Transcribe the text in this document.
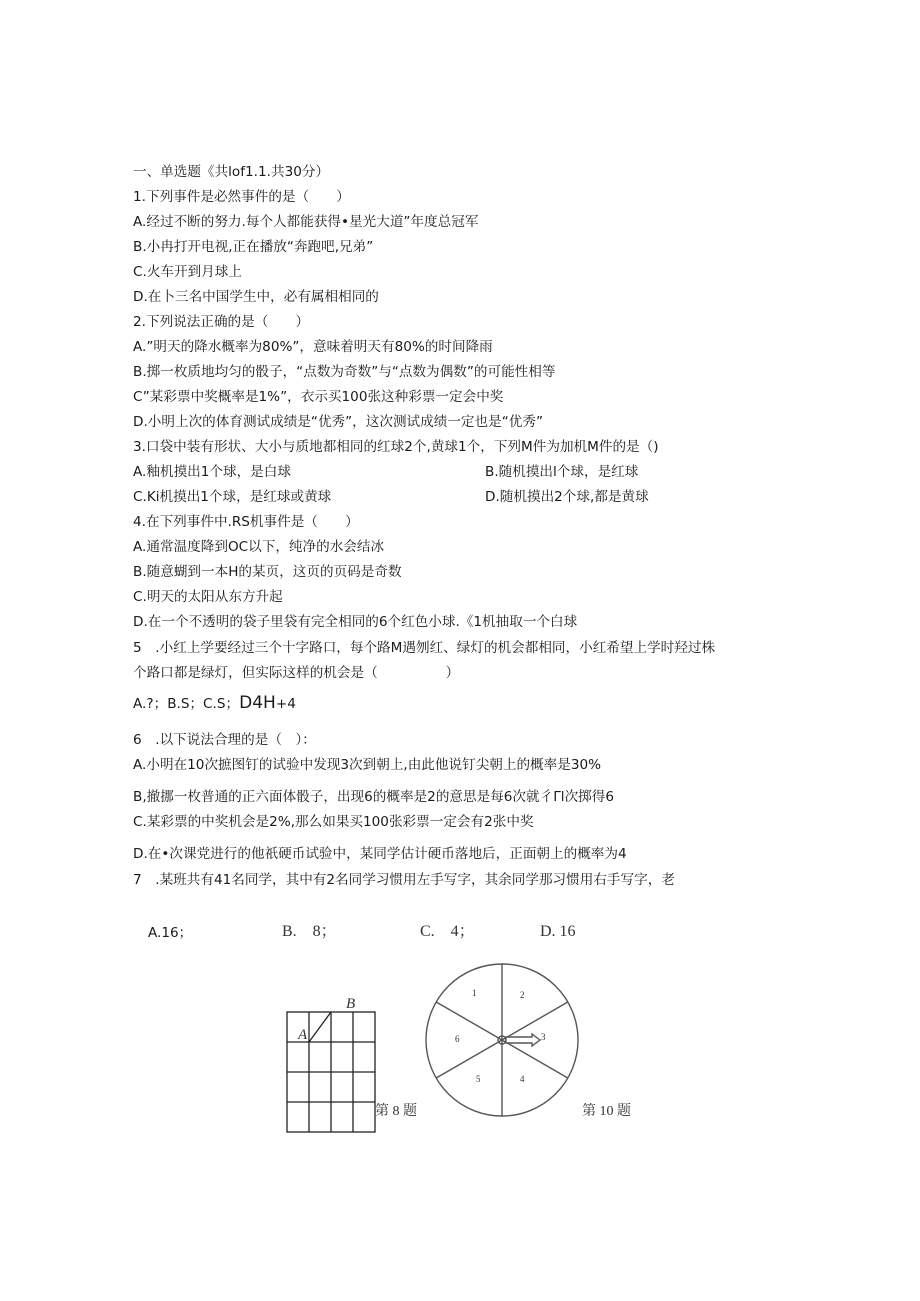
一、单选题《共lof1.1.共30分）
1.下列事件是必然事件的是（　　）
A.经过不断的努力.每个人都能获得•星光大道”年度总冠军
B.小冉打开电视,正在播放“奔跑吧,兄弟”
C.火车开到月球上
D.在卜三名中国学生中，必有属相相同的
2.下列说法正确的是（　　）
A.”明天的降水概率为80%”，意味着明天有80%的时间降雨
B.掷一枚质地均匀的骰子，“点数为奇数”与“点数为偶数”的可能性相等
C”某彩票中奖概率是1%”，衣示买100张这种彩票一定会中奖
D.小明上次的体育测试成绩是“优秀”，这次测试成绩一定也是“优秀”
3.口袋中装有形状、大小与质地都相同的红球2个,黄球1个，下列M件为加机M件的是（)
A.釉机摸出1个球，是白球	B.随机摸出l个球，是红球
C.Ki机摸出1个球，是红球或黄球	D.随机摸出2个球,都是黄球
4.在下列事件中.RS机事件是（　　）
A.通常温度降到OC以下，纯净的水会结冰
B.随意蝴到一本H的某页，这页的页码是奇数
C.明天的太阳从东方升起
D.在一个不透明的袋子里袋有完全相同的6个红色小球.《1机抽取一个白球
5　.小红上学要经过三个十字路口，每个路M遇刎红、绿灯的机会都相同，小红希望上学时羟过株
个路口都是绿灯，但实际这样的机会是（　　　　　）
A.?；B.S；C.S；D4H+4
6　.以下说法合理的是（　）：
A.小明在10次摭图钉的试验中发现3次到朝上,由此他说钉尖朝上的概率是30%
B,撤挪一枚普通的正六面体骰子，出现6的概率是2的意思是每6次就彳Γl次掷得6
C.某彩票的中奖机会是2%,那么如果买100张彩票一定会有2张中奖
D.在•次课党进行的他祇硬币试验中，某同学估计硬币落地后，正面朝上的概率为4
7　.某班共有41名同学，其中有2名同学习惯用左手写字，其余同学那习惯用右手写字，老
A.16；	B.　8；	C.　4；	D. 16
A
B
第 8 题
1	2
3
4
5
6
第 10 题
